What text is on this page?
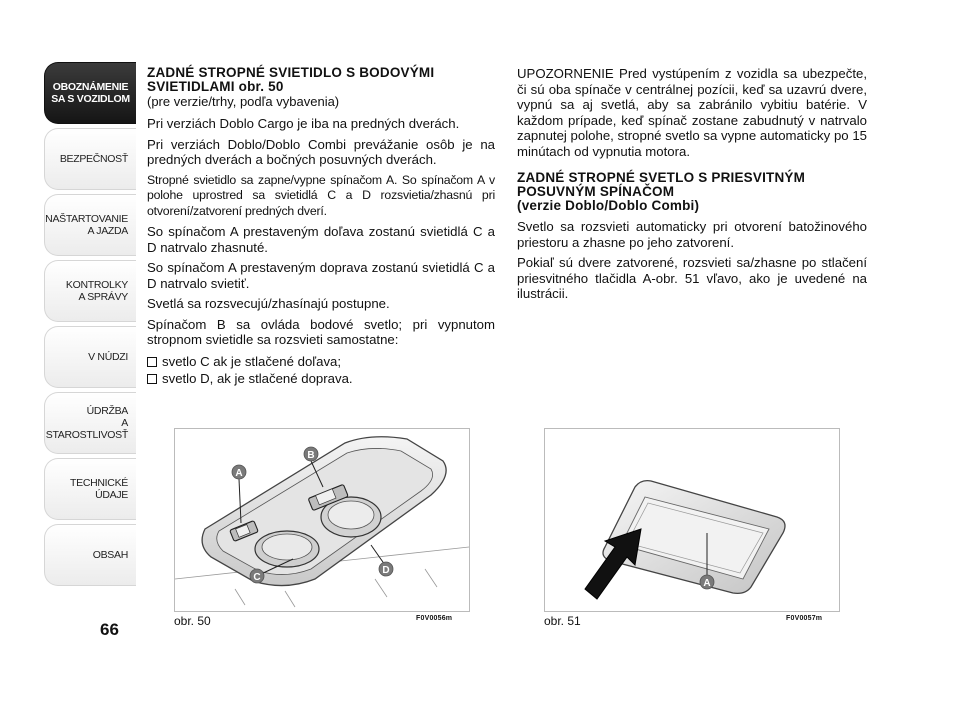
OBOZNÁMENIE
SA S VOZIDLOM
BEZPEČNOSŤ
NAŠTARTOVANIE
A JAZDA
KONTROLKY
A SPRÁVY
V NÚDZI
ÚDRŽBA
A STAROSTLIVOSŤ
TECHNICKÉ
ÚDAJE
OBSAH
66
ZADNÉ STROPNÉ SVIETIDLO S BODOVÝMI
SVIETIDLAMI obr. 50
(pre verzie/trhy, podľa vybavenia)
Pri verziách Doblo Cargo je iba na predných dverách.
Pri verziách Doblo/Doblo Combi prevážanie osôb je na predných dverách a bočných posuvných dverách.
Stropné svietidlo sa zapne/vypne spínačom A. So spínačom A v polohe uprostred sa svietidlá C a D rozsvietia/zhasnú pri otvorení/zatvorení predných dverí.
So spínačom A prestaveným doľava zostanú svietidlá C a D natrvalo zhasnuté.
So spínačom A prestaveným doprava zostanú svietidlá C a D natrvalo svietiť.
Svetlá sa rozsvecujú/zhasínajú postupne.
Spínačom B sa ovláda bodové svetlo; pri vypnutom stropnom svietidle sa rozsvieti samostatne:
svetlo C ak je stlačené doľava;
svetlo D, ak je stlačené doprava.
UPOZORNENIE Pred vystúpením z vozidla sa ubezpečte, či sú oba spínače v centrálnej pozícii, keď sa uzavrú dvere, vypnú sa aj svetlá, aby sa zabránilo vybitiu batérie. V každom prípade, keď spínač zostane zabudnutý v natrvalo zapnutej polohe, stropné svetlo sa vypne automaticky po 15 minútach od vypnutia motora.
ZADNÉ STROPNÉ SVETLO S PRIESVITNÝM
POSUVNÝM SPÍNAČOM
(verzie Doblo/Doblo Combi)
Svetlo sa rozsvieti automaticky pri otvorení batožinového priestoru a zhasne po jeho zatvorení.
Pokiaľ sú dvere zatvorené, rozsvieti sa/zhasne po stlačení priesvitného tlačidla A-obr. 51 vľavo, ako je uvedené na ilustrácii.
A
B
C
D
obr. 50	F0V0056m
A
obr. 51	F0V0057m
